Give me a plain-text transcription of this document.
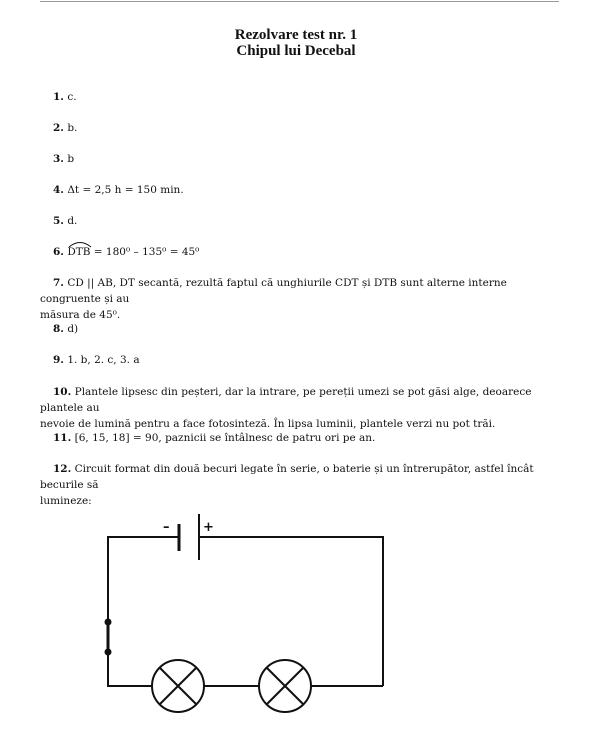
Rezolvare test nr. 1
Chipul lui Decebal
1. c.
2. b.
3. b
4. Δt = 2,5 h = 150 min.
5. d.
6. DTB = 180⁰ – 135⁰ = 45⁰
7. CD || AB, DT secantă, rezultă faptul că unghiurile CDT și DTB sunt alterne interne congruente și au
măsura de 45⁰.
8. d)
9. 1. b, 2. c, 3. a
10. Plantele lipsesc din peșteri, dar la intrare, pe pereții umezi se pot găsi alge, deoarece plantele au
nevoie de lumină pentru a face fotosinteză. În lipsa luminii, plantele verzi nu pot trăi.
11. [6, 15, 18] = 90, paznicii se întâlnesc de patru ori pe an.
12. Circuit format din două becuri legate în serie, o baterie și un întrerupător, astfel încât becurile să
lumineze:
–	+
